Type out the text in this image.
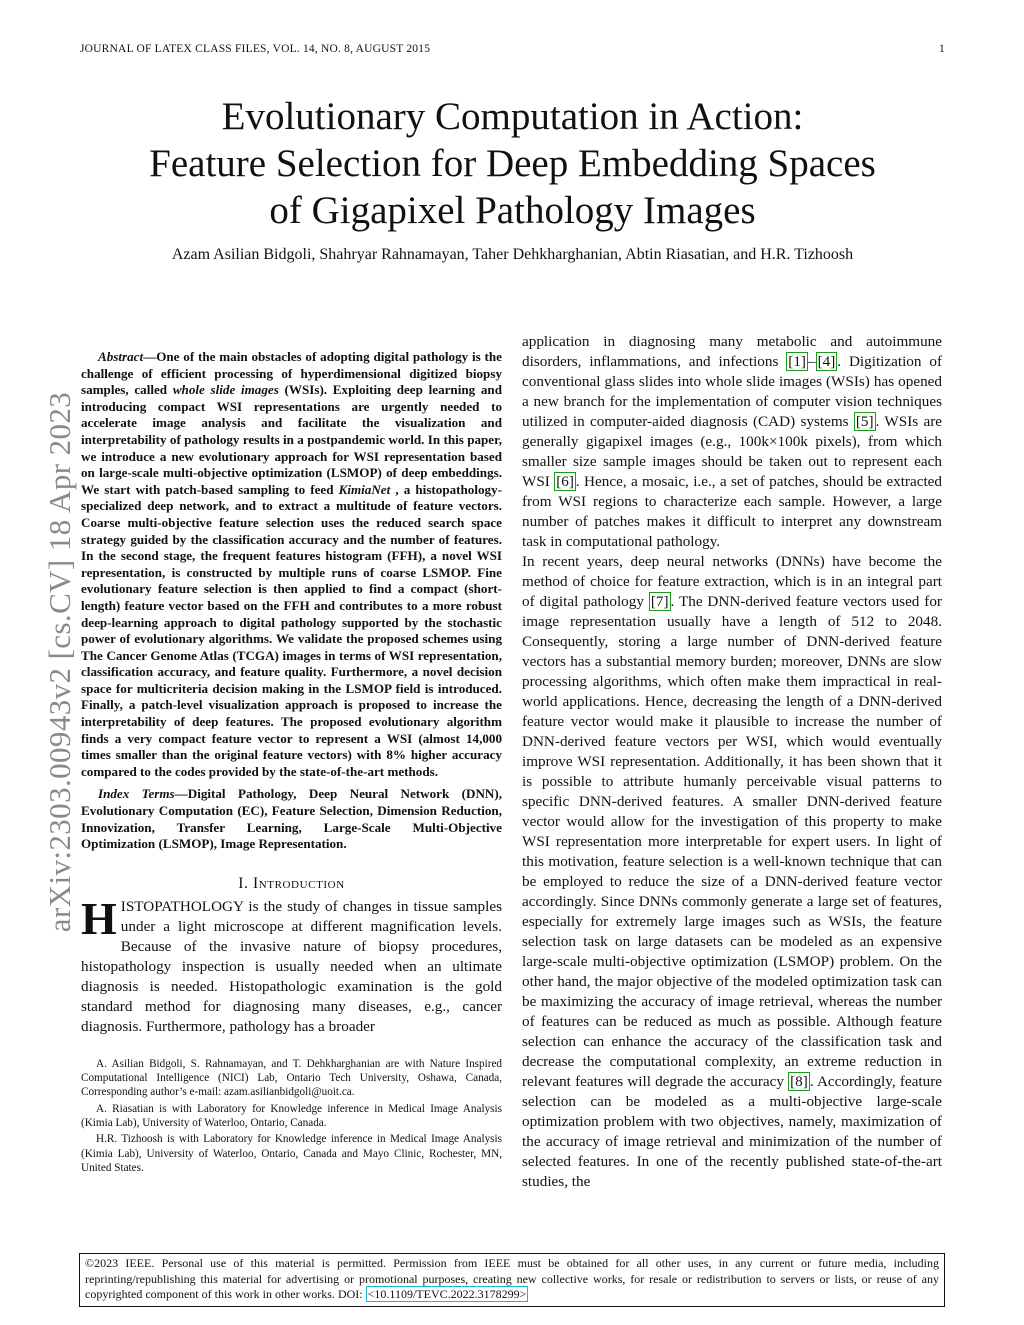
JOURNAL OF LATEX CLASS FILES, VOL. 14, NO. 8, AUGUST 2015	1
arXiv:2303.00943v2 [cs.CV] 18 Apr 2023
Evolutionary Computation in Action:
Feature Selection for Deep Embedding Spaces
of Gigapixel Pathology Images
Azam Asilian Bidgoli, Shahryar Rahnamayan, Taher Dehkharghanian, Abtin Riasatian, and H.R. Tizhoosh

Abstract—One of the main obstacles of adopting digital pathology is the challenge of efficient processing of hyperdimensional digitized biopsy samples, called whole slide images (WSIs). Exploiting deep learning and introducing compact WSI representations are urgently needed to accelerate image analysis and facilitate the visualization and interpretability of pathology results in a postpandemic world. In this paper, we introduce a new evolutionary approach for WSI representation based on large-scale multi-objective optimization (LSMOP) of deep embeddings. We start with patch-based sampling to feed KimiaNet , a histopathology-specialized deep network, and to extract a multitude of feature vectors. Coarse multi-objective feature selection uses the reduced search space strategy guided by the classification accuracy and the number of features. In the second stage, the frequent features histogram (FFH), a novel WSI representation, is constructed by multiple runs of coarse LSMOP. Fine evolutionary feature selection is then applied to find a compact (short-length) feature vector based on the FFH and contributes to a more robust deep-learning approach to digital pathology supported by the stochastic power of evolutionary algorithms. We validate the proposed schemes using The Cancer Genome Atlas (TCGA) images in terms of WSI representation, classification accuracy, and feature quality. Furthermore, a novel decision space for multicriteria decision making in the LSMOP field is introduced. Finally, a patch-level visualization approach is proposed to increase the interpretability of deep features. The proposed evolutionary algorithm finds a very compact feature vector to represent a WSI (almost 14,000 times smaller than the original feature vectors) with 8% higher accuracy compared to the codes provided by the state-of-the-art methods.

Index Terms—Digital Pathology, Deep Neural Network (DNN), Evolutionary Computation (EC), Feature Selection, Dimension Reduction, Innovization, Transfer Learning, Large-Scale Multi-Objective Optimization (LSMOP), Image Representation.

I. Introduction

HISTOPATHOLOGY is the study of changes in tissue samples under a light microscope at different magnification levels. Because of the invasive nature of biopsy procedures, histopathology inspection is usually needed when an ultimate diagnosis is needed. Histopathologic examination is the gold standard method for diagnosing many diseases, e.g., cancer diagnosis. Furthermore, pathology has a broader

A. Asilian Bidgoli, S. Rahnamayan, and T. Dehkharghanian are with Nature Inspired Computational Intelligence (NICI) Lab, Ontario Tech University, Oshawa, Canada, Corresponding author’s e-mail: azam.asilianbidgoli@uoit.ca.

A. Riasatian is with Laboratory for Knowledge inference in Medical Image Analysis (Kimia Lab), University of Waterloo, Ontario, Canada.

H.R. Tizhoosh is with Laboratory for Knowledge inference in Medical Image Analysis (Kimia Lab), University of Waterloo, Ontario, Canada and Mayo Clinic, Rochester, MN, United States.

application in diagnosing many metabolic and autoimmune disorders, inflammations, and infections [1] – [4] . Digitization of conventional glass slides into whole slide images (WSIs) has opened a new branch for the implementation of computer vision techniques utilized in computer-aided diagnosis (CAD) systems [5] . WSIs are generally gigapixel images (e.g., 100k×100k pixels), from which smaller size sample images should be taken out to represent each WSI [6] . Hence, a mosaic, i.e., a set of patches, should be extracted from WSI regions to characterize each sample. However, a large number of patches makes it difficult to interpret any downstream task in computational pathology.

In recent years, deep neural networks (DNNs) have become the method of choice for feature extraction, which is in an integral part of digital pathology [7] . The DNN-derived feature vectors used for image representation usually have a length of 512 to 2048. Consequently, storing a large number of DNN-derived feature vectors has a substantial memory burden; moreover, DNNs are slow processing algorithms, which often make them impractical in real-world applications. Hence, decreasing the length of a DNN-derived feature vector would make it plausible to increase the number of DNN-derived feature vectors per WSI, which would eventually improve WSI representation. Additionally, it has been shown that it is possible to attribute humanly perceivable visual patterns to specific DNN-derived features. A smaller DNN-derived feature vector would allow for the investigation of this property to make WSI representation more interpretable for expert users. In light of this motivation, feature selection is a well-known technique that can be employed to reduce the size of a DNN-derived feature vector accordingly. Since DNNs commonly generate a large set of features, especially for extremely large images such as WSIs, the feature selection task on large datasets can be modeled as an expensive large-scale multi-objective optimization (LSMOP) problem. On the other hand, the major objective of the modeled optimization task can be maximizing the accuracy of image retrieval, whereas the number of features can be reduced as much as possible. Although feature selection can enhance the accuracy of the classification task and decrease the computational complexity, an extreme reduction in relevant features will degrade the accuracy [8] . Accordingly, feature selection can be modeled as a multi-objective large-scale optimization problem with two objectives, namely, maximization of the accuracy of image retrieval and minimization of the number of selected features. In one of the recently published state-of-the-art studies, the

©2023 IEEE. Personal use of this material is permitted. Permission from IEEE must be obtained for all other uses, in any current or future media, including reprinting/republishing this material for advertising or promotional purposes, creating new collective works, for resale or redistribution to servers or lists, or reuse of any copyrighted component of this work in other works. DOI: <10.1109/TEVC.2022.3178299>
